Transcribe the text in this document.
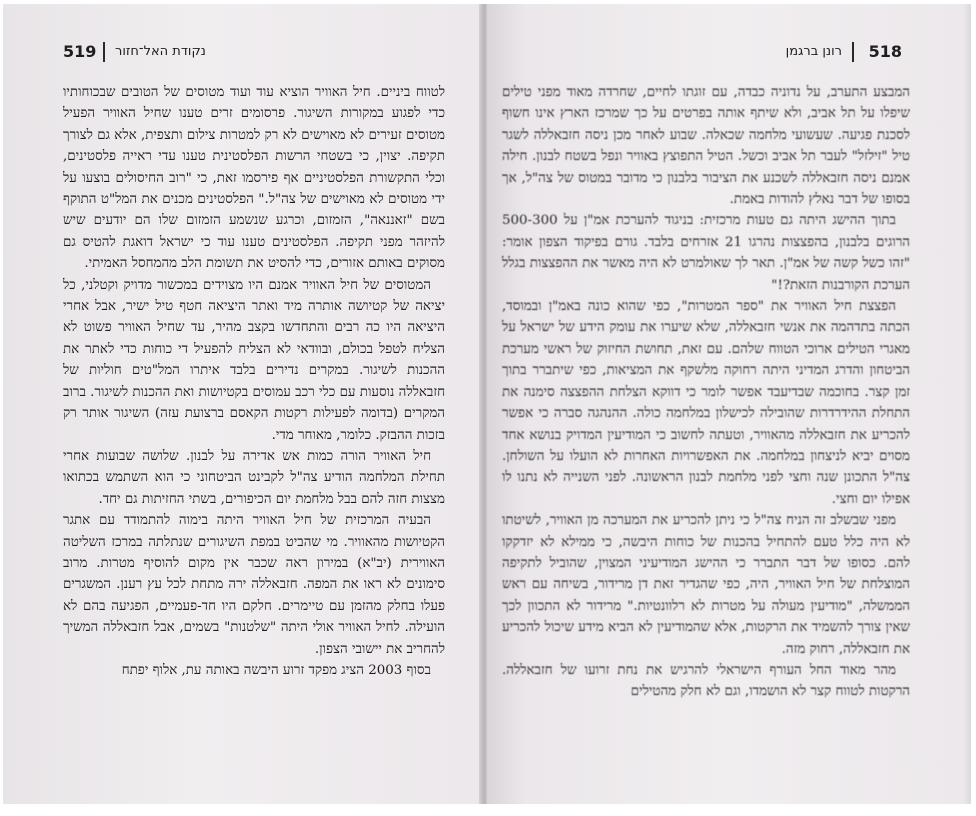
519 נקודת האל־חזור

לטווח ביניים. חיל האוויר הוציא עוד ועוד מטוסים של הטובים שבכוחותיו כדי לפגוע במקורות השיגור. פרסומים זרים טענו שחיל האוויר הפעיל מטוסים זעירים לא מאוישים לא רק למטרות צילום ותצפית, אלא גם לצורך תקיפה. יצוין, כי בשטחי הרשות הפלסטינית טענו עדי ראייה פלסטינים, וכלי התקשורת הפלסטיניים אף פירסמו זאת, כי "רוב החיסולים בוצעו על ידי מטוסים לא מאוישים של צה"ל." הפלסטינים מכנים את המל"ט התוקף בשם "זאננאה", הזמזום, וכרגע שנשמע הזמזום שלו הם יודעים שיש להיזהר מפני תקיפה. הפלסטינים טענו עוד כי ישראל דואגת להטיס גם מסוקים באותם אזורים, כדי להסיט את תשומת הלב מהמחסל האמיתי.

המטוסים של חיל האוויר אמנם היו מצוידים במכשור מדויק וקטלני, כל יציאה של קטיושה אותרה מיד ואתר היציאה חטף טיל ישיר, אבל אחרי היציאה היו כה רבים והתחדשו בקצב מהיר, עד שחיל האוויר פשוט לא הצליח לטפל בכולם, ובוודאי לא הצליח להפעיל די כוחות כדי לאתר את ההכנות לשיגור. במקרים נדירים בלבד איתרו המל"טים חוליות של חזבאללה נוסעות עם כלי רכב עמוסים בקטיושות ואת ההכנות לשיגור. ברוב המקרים (בדומה לפעילות רקטות הקאסם ברצועת עזה) השיגור אותר רק בזכות ההבזק. כלומר, מאוחר מדי.

חיל האוויר הורה כמות אש אדירה על לבנון. שלושה שבועות אחרי תחילת המלחמה הודיע צה"ל לקבינט הביטחוני כי הוא השתמש בכתואו מצצות חזה להם בבל מלחמת יום הכיפורים, בשתי החזיתות גם יחד.

הבעיה המרכזית של חיל האוויר היתה בימוה להתמודד עם אתגר הקטיושות מהאוויר. מי שהביט במפת השיגורים שנתלתה במרכז השליטה האווירית (יב"א) במירון ראה שכבר אין מקום להוסיף מטרות. מרוב סימונים לא ראו את המפה. חזבאללה ירה מתחת לכל עץ רענן. המשגרים פעלו בחלק מהזמן עם טיימרים. חלקם היו חד-פעמיים, הפגיעה בהם לא הועילה. לחיל האוויר אולי היתה "שלטנות" בשמים, אבל חזבאללה המשיך להחריב את יישובי הצפון.

בסוף 2003 הציג מפקד זרוע היבשה באותה עת, אלוף יפתח

רונן ברגמן 518

המבצע התערב, על נדוניה כבדה, עם זוגתו לחיים, שחרדה מאוד מפני טילים שיפלו על תל אביב, ולא שיתף אותה בפרטים על כך שמרכז הארץ אינו חשוף לסכנת פגיעה. שעשועי מלחמה שכאלה. שבוע לאחר מכן ניסה חזבאללה לשגר טיל "זילזל" לעבר תל אביב וכשל. הטיל התפוצץ באוויר ונפל בשטח לבנון. חילה אמנם ניסה חזבאללה לשכנע את הציבור בלבנון כי מדובר במטוס של צה"ל, אך בסופו של דבר נאלץ להודות באמת.

בתוך ההישג היתה גם טעות מרכזית: בניגוד להערכת אמ"ן על 500-300 הרוגים בלבנון, בהפצצות נהרגו 21 אזרחים בלבד. גורם בפיקוד הצפון אומר: "זהו כשל קשה של אמ"ן. תאר לך שאולמרט לא היה מאשר את ההפצצות בגלל הערכת הקורבנות הזאת?!"

הפצצת חיל האוויר את "ספר המטרות", כפי שהוא כונה באמ"ן ובמוסד, הכתה בתדהמה את אנשי חזבאללה, שלא שיערו את עומק הידע של ישראל על מאגרי הטילים ארוכי הטווח שלהם. עם זאת, תחושת החיזוק של ראשי מערכת הביטחון והדרג המדיני היתה רחוקה מלשקף את המציאות, כפי שיתברר בתוך זמן קצר. בחוכמה שבדיעבד אפשר לומר כי דווקא הצלחת ההפצצה סימנה את התחלת ההידרדרות שהובילה לכישלון במלחמה כולה. ההנהגה סברה כי אפשר להכריע את חזבאללה מהאוויר, וטעתה לחשוב כי המודיעין המדויק בנושא אחד מסוים יביא לניצחון במלחמה. את האפשרויות האחרות לא הועלו על השולחן. צה"ל התכונן שנה וחצי לפני מלחמת לבנון הראשונה. לפני השנייה לא נתנו לו אפילו יום וחצי.

מפני שבשלב זה הניח צה"ל כי ניתן להכריע את המערכה מן האוויר, לשיטתו לא היה כלל טעם להתחיל בהכנות של כוחות היבשה, כי ממילא לא יזדקקו להם. כסופו של דבר התברר כי ההישג המודיעיני המצוין, שהוביל לתקיפה המוצלחת של חיל האוויר, היה, כפי שהגדיר זאת דן מרידור, בשיחה עם ראש הממשלה, "מודיעין מעולה על מטרות לא רלוונטיות." מרידור לא התכוון לכך שאין צורך להשמיד את הרקטות, אלא שהמודיעין לא הביא מידע שיכול להכריע את חזבאללה, רחוק מזה.

מהר מאוד החל העורף הישראלי להרגיש את נחת זרועו של חזבאללה. הרקטות לטווח קצר לא הושמדו, וגם לא חלק מהטילים
